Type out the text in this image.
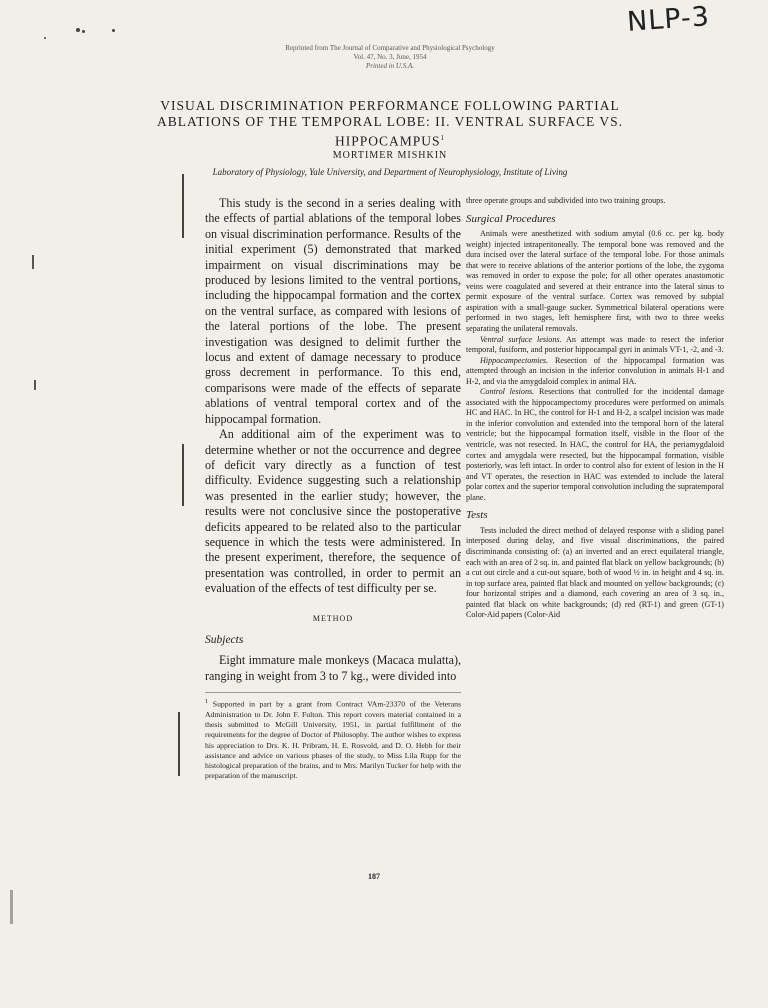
NLP-3
Reprinted from The Journal of Comparative and Physiological Psychology
Vol. 47, No. 3, June, 1954
Printed in U.S.A.
VISUAL DISCRIMINATION PERFORMANCE FOLLOWING PARTIAL ABLATIONS OF THE TEMPORAL LOBE: II. VENTRAL SURFACE VS. HIPPOCAMPUS$^1$
MORTIMER MISHKIN
Laboratory of Physiology, Yale University, and Department of Neurophysiology, Institute of Living

This study is the second in a series dealing with the effects of partial ablations of the temporal lobes on visual discrimination performance. Results of the initial experiment (5) demonstrated that marked impairment on visual discriminations may be produced by lesions limited to the ventral portions, including the hippocampal formation and the cortex on the ventral surface, as compared with lesions of the lateral portions of the lobe. The present investigation was designed to delimit further the locus and extent of damage necessary to produce gross decrement in performance. To this end, comparisons were made of the effects of separate ablations of ventral temporal cortex and of the hippocampal formation.

An additional aim of the experiment was to determine whether or not the occurrence and degree of deficit vary directly as a function of test difficulty. Evidence suggesting such a relationship was presented in the earlier study; however, the results were not conclusive since the postoperative deficits appeared to be related also to the particular sequence in which the tests were administered. In the present experiment, therefore, the sequence of presentation was controlled, in order to permit an evaluation of the effects of test difficulty per se.

METHOD
Subjects

Eight immature male monkeys (Macaca mulatta), ranging in weight from 3 to 7 kg., were divided into

$^1$ Supported in part by a grant from Contract VAm-23370 of the Veterans Administration to Dr. John F. Fulton. This report covers material contained in a thesis submitted to McGill University, 1951, in partial fulfillment of the requirements for the degree of Doctor of Philosophy. The author wishes to express his appreciation to Drs. K. H. Pribram, H. E. Rosvold, and D. O. Hebb for their assistance and advice on various phases of the study, to Miss Lila Rupp for the histological preparation of the brains, and to Mrs. Marilyn Tucker for help with the preparation of the manuscript.

three operate groups and subdivided into two training groups.

Surgical Procedures

Animals were anesthetized with sodium amytal (0.6 cc. per kg. body weight) injected intraperitoneally. The temporal bone was removed and the dura incised over the lateral surface of the temporal lobe. For those animals that were to receive ablations of the anterior portions of the lobe, the zygoma was removed in order to expose the pole; for all other operates anastomotic veins were coagulated and severed at their entrance into the lateral sinus to permit exposure of the ventral surface. Cortex was removed by subpial aspiration with a small-gauge sucker. Symmetrical bilateral operations were performed in two stages, left hemisphere first, with two to three weeks separating the unilateral removals.

Ventral surface lesions. An attempt was made to resect the inferior temporal, fusiform, and posterior hippocampal gyri in animals VT-1, -2, and -3.

Hippocampectomies. Resection of the hippocampal formation was attempted through an incision in the inferior convolution in animals H-1 and H-2, and via the amygdaloid complex in animal HA.

Control lesions. Resections that controlled for the incidental damage associated with the hippocampectomy procedures were performed on animals HC and HAC. In HC, the control for H-1 and H-2, a scalpel incision was made in the inferior convolution and extended into the temporal horn of the lateral ventricle; but the hippocampal formation itself, visible in the floor of the ventricle, was not resected. In HAC, the control for HA, the periamygdaloid cortex and amygdala were resected, but the hippocampal formation, visible posteriorly, was left intact. In order to control also for extent of lesion in the H and VT operates, the resection in HAC was extended to include the lateral polar cortex and the superior temporal convolution including the supratemporal plane.

Tests

Tests included the direct method of delayed response with a sliding panel interposed during delay, and five visual discriminations, the paired discriminanda consisting of: (a) an inverted and an erect equilateral triangle, each with an area of 2 sq. in. and painted flat black on yellow backgrounds; (b) a cut out circle and a cut-out square, both of wood ½ in. in height and 4 sq. in. in top surface area, painted flat black and mounted on yellow backgrounds; (c) four horizontal stripes and a diamond, each covering an area of 3 sq. in., painted flat black on white backgrounds; (d) red (RT-1) and green (GT-1) Color-Aid papers (Color-Aid

187
